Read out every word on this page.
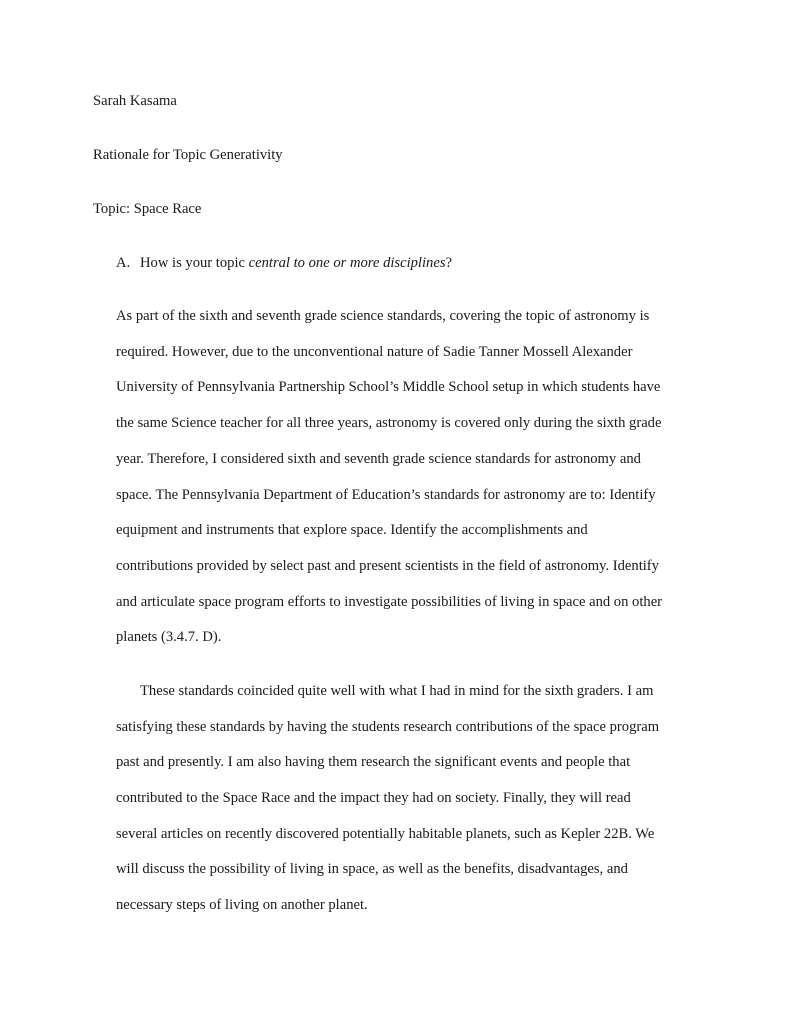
Sarah Kasama
Rationale for Topic Generativity
Topic: Space Race
A. How is your topic central to one or more disciplines?
As part of the sixth and seventh grade science standards, covering the topic of astronomy is
required. However, due to the unconventional nature of Sadie Tanner Mossell Alexander
University of Pennsylvania Partnership School’s Middle School setup in which students have
the same Science teacher for all three years, astronomy is covered only during the sixth grade
year. Therefore, I considered sixth and seventh grade science standards for astronomy and
space. The Pennsylvania Department of Education’s standards for astronomy are to: Identify
equipment and instruments that explore space. Identify the accomplishments and
contributions provided by select past and present scientists in the field of astronomy. Identify
and articulate space program efforts to investigate possibilities of living in space and on other
planets (3.4.7. D).
These standards coincided quite well with what I had in mind for the sixth graders. I am
satisfying these standards by having the students research contributions of the space program
past and presently. I am also having them research the significant events and people that
contributed to the Space Race and the impact they had on society. Finally, they will read
several articles on recently discovered potentially habitable planets, such as Kepler 22B. We
will discuss the possibility of living in space, as well as the benefits, disadvantages, and
necessary steps of living on another planet.
